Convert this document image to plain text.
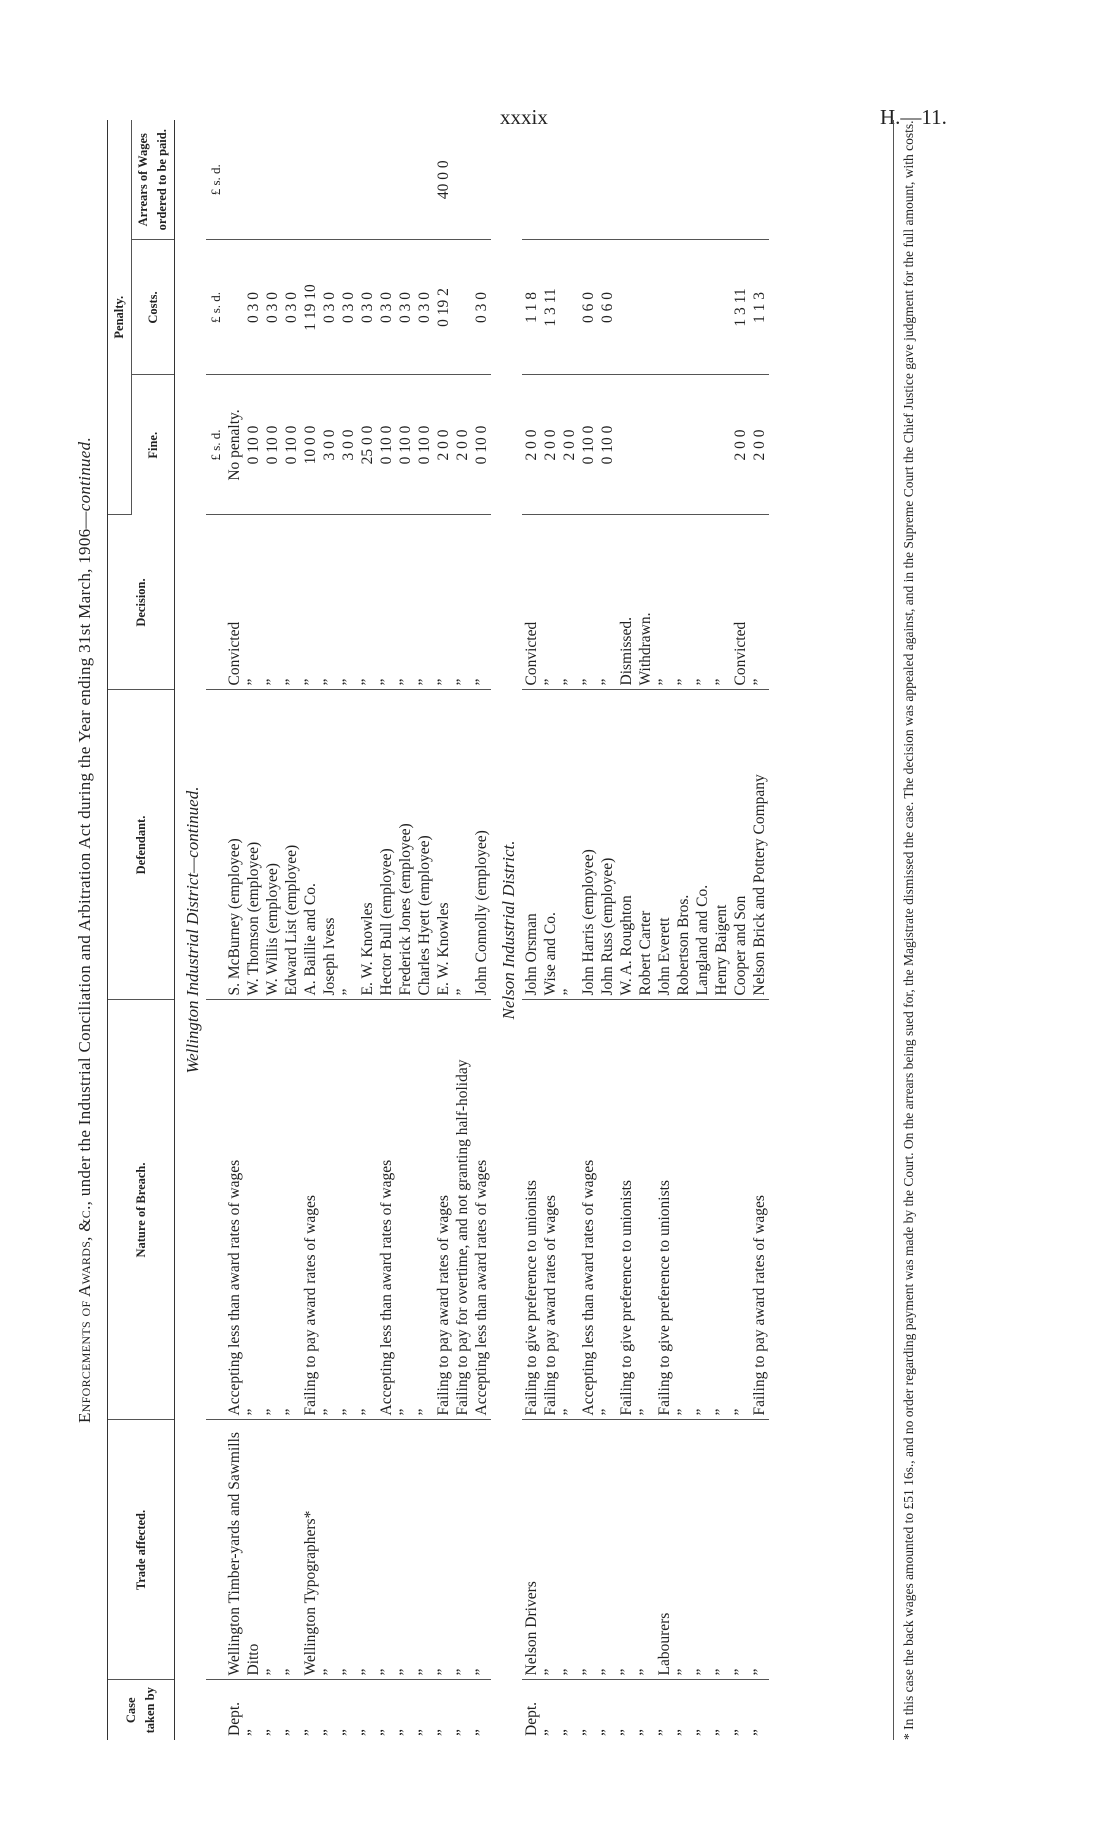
xxxix	H.—11.
Enforcements of Awards, &c., under the Industrial Conciliation and Arbitration Act during the Year ending 31st March, 1906—continued.
Case taken by	Trade affected.	Nature of Breach.	Defendant.	Decision.	Penalty.		
					Fine.	Costs.	Arrears of Wages ordered to be paid.
Wellington Industrial District—continued.							
					£ s. d.	£ s. d.	£ s. d.
Dept.	Wellington Timber-yards and Sawmills	Accepting less than award rates of wages	S. McBurney (employee)	Convicted	No penalty.		
”	Ditto	”	W. Thomson (employee)	”	0 10 0	0 3 0	
”	”	”	W. Willis (employee)	”	0 10 0	0 3 0	
”	”	”	Edward List (employee)	”	0 10 0	0 3 0	
”	Wellington Typographers*	Failing to pay award rates of wages	A. Baillie and Co.	”	10 0 0	1 19 10	
”	”	”	Joseph Ivess	”	3 0 0	0 3 0	
”	”	”	”	”	3 0 0	0 3 0	
”	”	”	E. W. Knowles	”	25 0 0	0 3 0	
”	”	Accepting less than award rates of wages	Hector Bull (employee)	”	0 10 0	0 3 0	
”	”	”	Frederick Jones (employee)	”	0 10 0	0 3 0	
”	”	”	Charles Hyett (employee)	”	0 10 0	0 3 0	
”	”	Failing to pay award rates of wages	E. W. Knowles	”	2 0 0	0 19 2	40 0 0
”	”	Failing to pay for overtime, and not granting half-holiday	”	”	2 0 0		
”	”	Accepting less than award rates of wages	John Connolly (employee)	”	0 10 0	0 3 0	
Nelson Industrial District.							
Dept.	Nelson Drivers	Failing to give preference to unionists	John Orsman	Convicted	2 0 0	1 1 8	
”	”	Failing to pay award rates of wages	Wise and Co.	”	2 0 0	1 3 11	
”	”	”	”	”	2 0 0		
”	”	Accepting less than award rates of wages	John Harris (employee)	”	0 10 0	0 6 0	
”	”	”	John Russ (employee)	”	0 10 0	0 6 0	
”	”	Failing to give preference to unionists	W. A. Roughton	Dismissed.			
”	”	”	Robert Carter	Withdrawn.			
”	Labourers	Failing to give preference to unionists	John Everett	”			
”	”	”	Robertson Bros.	”			
”	”	”	Langland and Co.	”			
”	”	”	Henry Baigent	”			
”	”	”	Cooper and Son	Convicted	2 0 0	1 3 11	
”	”	Failing to pay award rates of wages	Nelson Brick and Pottery Company	”	2 0 0	1 1 3		* In this case the back wages amounted to £51 16s., and no order regarding payment was made by the Court. On the arrears being sued for, the Magistrate dismissed the case. The decision was appealed against, and in the Supreme Court the Chief Justice gave judgment for the full amount, with costs.
